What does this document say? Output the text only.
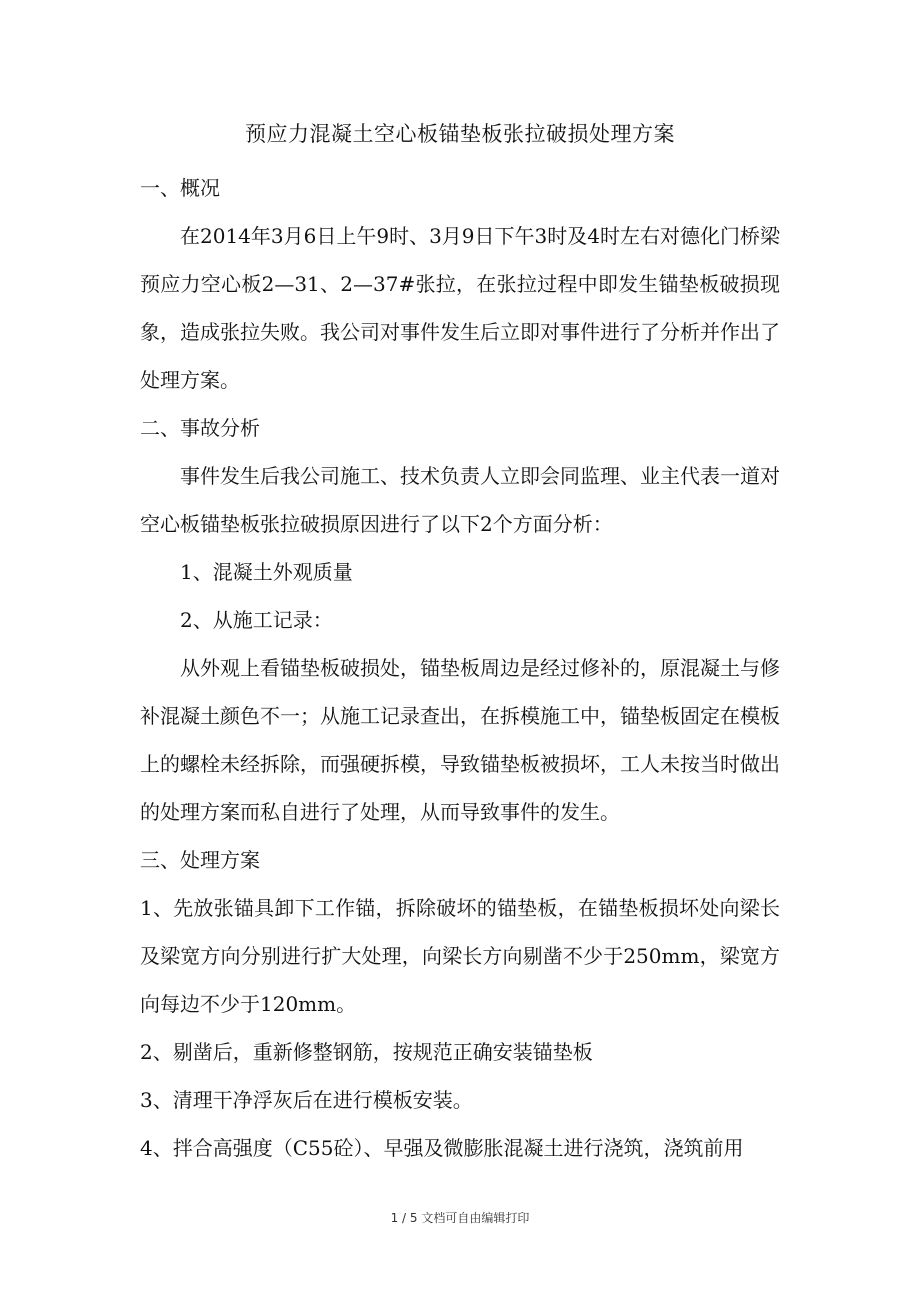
预应力混凝土空心板锚垫板张拉破损处理方案

一、概况

在2014年3月6日上午9时、3月9日下午3时及4时左右对德化门桥梁预应力空心板2—31、2—37#张拉，在张拉过程中即发生锚垫板破损现象，造成张拉失败。我公司对事件发生后立即对事件进行了分析并作出了处理方案。

二、事故分析

事件发生后我公司施工、技术负责人立即会同监理、业主代表一道对空心板锚垫板张拉破损原因进行了以下2个方面分析：

1、混凝土外观质量

2、从施工记录：

从外观上看锚垫板破损处，锚垫板周边是经过修补的，原混凝土与修补混凝土颜色不一；从施工记录查出，在拆模施工中，锚垫板固定在模板上的螺栓未经拆除，而强硬拆模，导致锚垫板被损坏，工人未按当时做出的处理方案而私自进行了处理，从而导致事件的发生。

三、处理方案

1、先放张锚具卸下工作锚，拆除破坏的锚垫板，在锚垫板损坏处向梁长及梁宽方向分别进行扩大处理，向梁长方向剔凿不少于250mm，梁宽方向每边不少于120mm。

2、剔凿后，重新修整钢筋，按规范正确安装锚垫板

3、清理干净浮灰后在进行模板安装。

4、拌合高强度（C55砼）、早强及微膨胀混凝土进行浇筑，浇筑前用

1 / 5 文档可自由编辑打印
